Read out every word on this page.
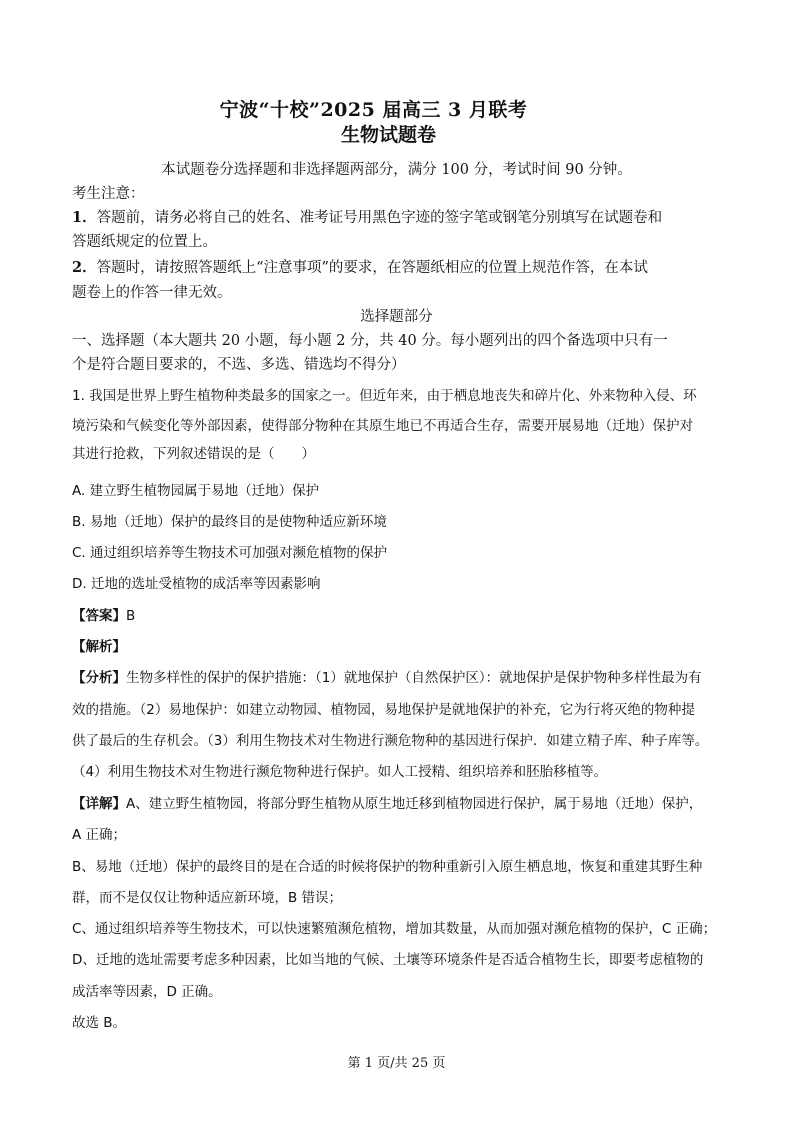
宁波“十校”2025 届高三 3 月联考
生物试题卷
本试题卷分选择题和非选择题两部分，满分 100 分，考试时间 90 分钟。
考生注意：
1．答题前，请务必将自己的姓名、准考证号用黑色字迹的签字笔或钢笔分别填写在试题卷和
答题纸规定的位置上。
2．答题时，请按照答题纸上“注意事项”的要求，在答题纸相应的位置上规范作答，在本试
题卷上的作答一律无效。
选择题部分
一、选择题（本大题共 20 小题，每小题 2 分，共 40 分。每小题列出的四个备选项中只有一
个是符合题目要求的，不选、多选、错选均不得分）
1. 我国是世界上野生植物种类最多的国家之一。但近年来，由于栖息地丧失和碎片化、外来物种入侵、环
境污染和气候变化等外部因素，使得部分物种在其原生地已不再适合生存，需要开展易地（迁地）保护对
其进行抢救，下列叙述错误的是（　　）
A. 建立野生植物园属于易地（迁地）保护
B. 易地（迁地）保护的最终目的是使物种适应新环境
C. 通过组织培养等生物技术可加强对濒危植物的保护
D. 迁地的选址受植物的成活率等因素影响
【答案】B
【解析】
【分析】生物多样性的保护的保护措施：（1）就地保护（自然保护区）：就地保护是保护物种多样性最为有
效的措施。（2）易地保护：如建立动物园、植物园，易地保护是就地保护的补充，它为行将灭绝的物种提
供了最后的生存机会。（3）利用生物技术对生物进行濒危物种的基因进行保护．如建立精子库、种子库等。
（4）利用生物技术对生物进行濒危物种进行保护。如人工授精、组织培养和胚胎移植等。
【详解】A、建立野生植物园，将部分野生植物从原生地迁移到植物园进行保护，属于易地（迁地）保护，
A 正确；
B、易地（迁地）保护的最终目的是在合适的时候将保护的物种重新引入原生栖息地，恢复和重建其野生种
群，而不是仅仅让物种适应新环境，B 错误；
C、通过组织培养等生物技术，可以快速繁殖濒危植物，增加其数量，从而加强对濒危植物的保护，C 正确；
D、迁地的选址需要考虑多种因素，比如当地的气候、土壤等环境条件是否适合植物生长，即要考虑植物的
成活率等因素，D 正确。
故选 B。
第 1 页/共 25 页
